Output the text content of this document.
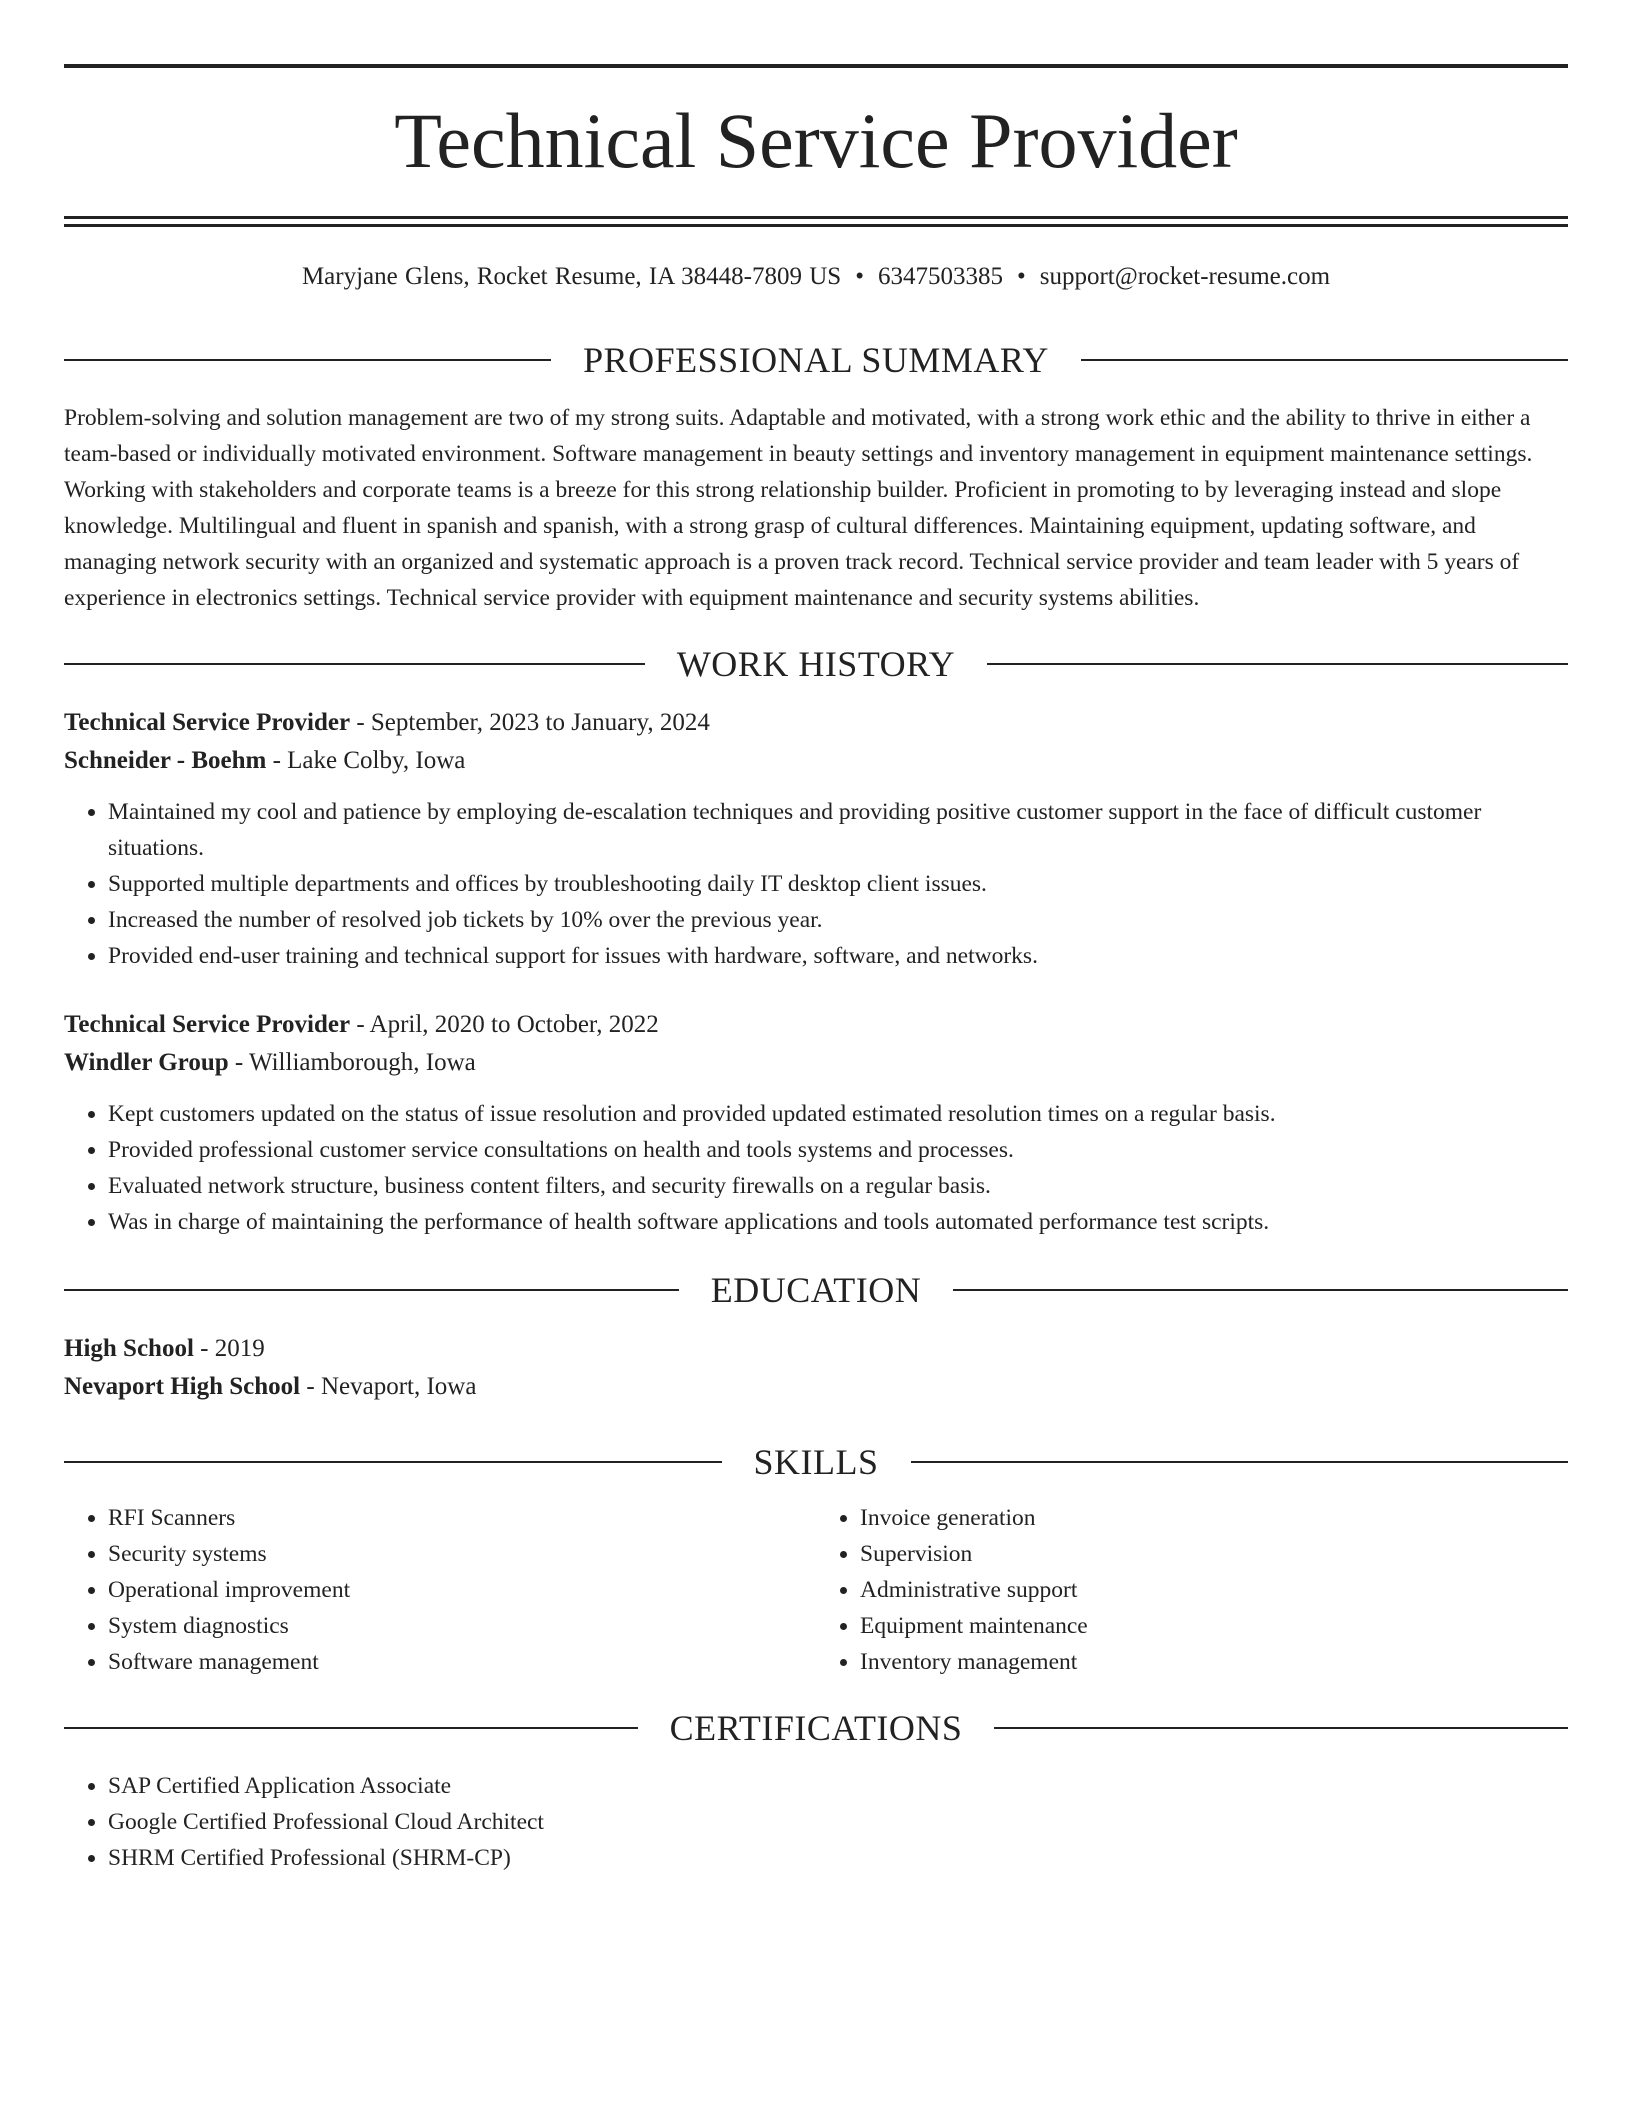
Technical Service Provider
Maryjane Glens, Rocket Resume, IA 38448-7809 US • 6347503385 • support@rocket-resume.com
PROFESSIONAL SUMMARY

Problem-solving and solution management are two of my strong suits. Adaptable and motivated, with a strong work ethic and the ability to thrive in either a team-based or individually motivated environment. Software management in beauty settings and inventory management in equipment maintenance settings. Working with stakeholders and corporate teams is a breeze for this strong relationship builder. Proficient in promoting to by leveraging instead and slope knowledge. Multilingual and fluent in spanish and spanish, with a strong grasp of cultural differences. Maintaining equipment, updating software, and managing network security with an organized and systematic approach is a proven track record. Technical service provider and team leader with 5 years of experience in electronics settings. Technical service provider with equipment maintenance and security systems abilities.

WORK HISTORY
Technical Service Provider - September, 2023 to January, 2024
Schneider - Boehm - Lake Colby, Iowa
• Maintained my cool and patience by employing de-escalation techniques and providing positive customer support in the face of difficult customer situations.
• Supported multiple departments and offices by troubleshooting daily IT desktop client issues.
• Increased the number of resolved job tickets by 10% over the previous year.
• Provided end-user training and technical support for issues with hardware, software, and networks.
Technical Service Provider - April, 2020 to October, 2022
Windler Group - Williamborough, Iowa
• Kept customers updated on the status of issue resolution and provided updated estimated resolution times on a regular basis.
• Provided professional customer service consultations on health and tools systems and processes.
• Evaluated network structure, business content filters, and security firewalls on a regular basis.
• Was in charge of maintaining the performance of health software applications and tools automated performance test scripts.
EDUCATION
High School - 2019
Nevaport High School - Nevaport, Iowa
SKILLS
• RFI Scanners
• Security systems
• Operational improvement
• System diagnostics
• Software management
• Invoice generation
• Supervision
• Administrative support
• Equipment maintenance
• Inventory management
CERTIFICATIONS
• SAP Certified Application Associate
• Google Certified Professional Cloud Architect
• SHRM Certified Professional (SHRM-CP)
